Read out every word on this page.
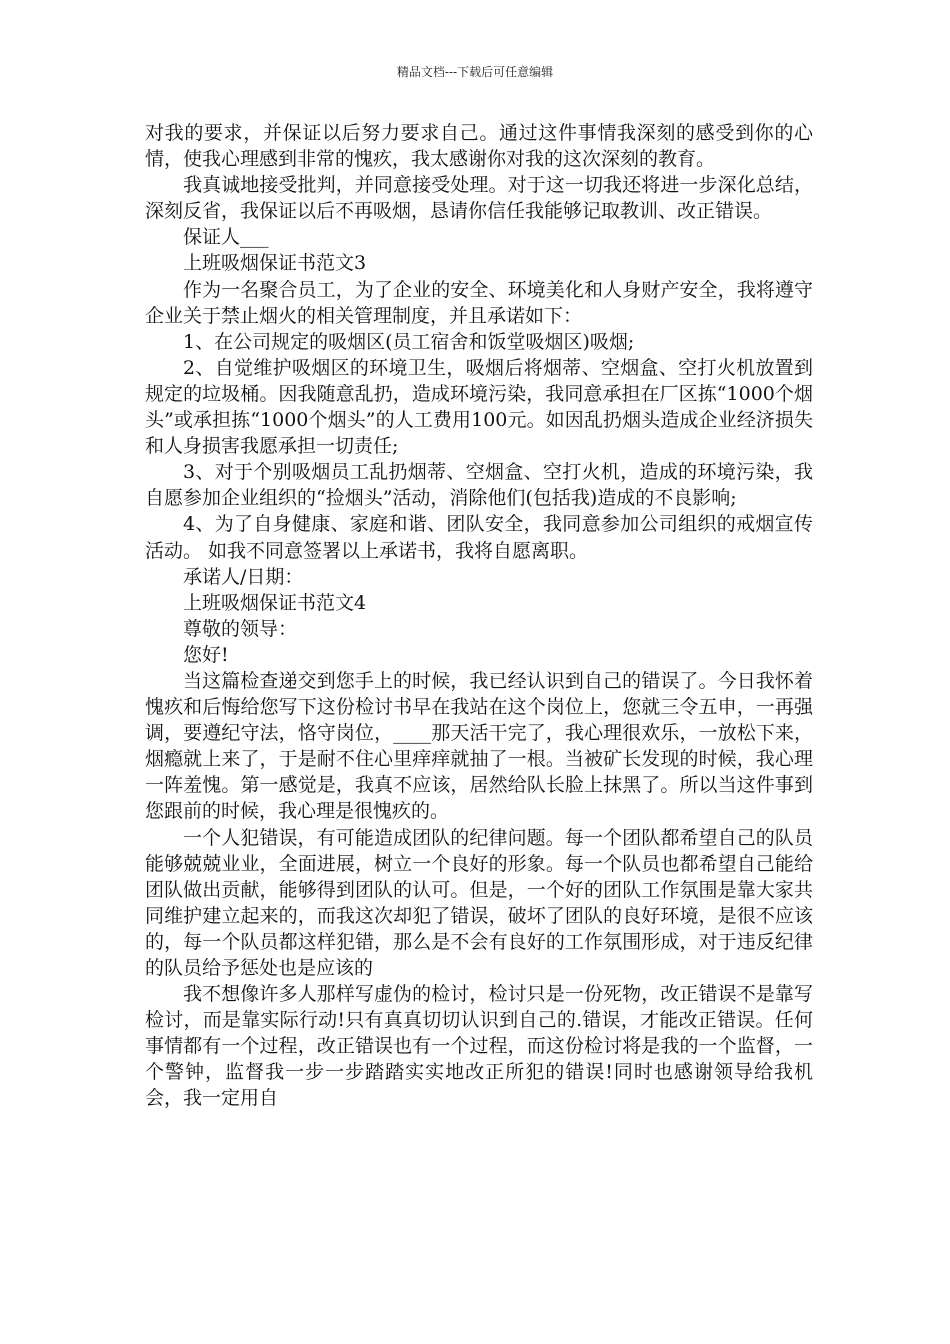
精品文档---下载后可任意编辑

对我的要求，并保证以后努力要求自己。通过这件事情我深刻的感受到你的心情，使我心理感到非常的愧疚，我太感谢你对我的这次深刻的教育。

我真诚地接受批判，并同意接受处理。对于这一切我还将进一步深化总结，深刻反省，我保证以后不再吸烟，恳请你信任我能够记取教训、改正错误。

保证人___

上班吸烟保证书范文3

作为一名聚合员工，为了企业的安全、环境美化和人身财产安全，我将遵守企业关于禁止烟火的相关管理制度，并且承诺如下：

1、在公司规定的吸烟区(员工宿舍和饭堂吸烟区)吸烟;

2、自觉维护吸烟区的环境卫生，吸烟后将烟蒂、空烟盒、空打火机放置到规定的垃圾桶。因我随意乱扔，造成环境污染，我同意承担在厂区拣“1000个烟头”或承担拣“1000个烟头”的人工费用100元。如因乱扔烟头造成企业经济损失和人身损害我愿承担一切责任;

3、对于个别吸烟员工乱扔烟蒂、空烟盒、空打火机，造成的环境污染，我自愿参加企业组织的“捡烟头”活动，消除他们(包括我)造成的不良影响;

4、为了自身健康、家庭和谐、团队安全，我同意参加公司组织的戒烟宣传活动。 如我不同意签署以上承诺书，我将自愿离职。

承诺人/日期：

上班吸烟保证书范文4

尊敬的领导：

您好!

当这篇检查递交到您手上的时候，我已经认识到自己的错误了。今日我怀着愧疚和后悔给您写下这份检讨书早在我站在这个岗位上，您就三令五申，一再强调，要遵纪守法，恪守岗位，____那天活干完了，我心理很欢乐，一放松下来，烟瘾就上来了，于是耐不住心里痒痒就抽了一根。当被矿长发现的时候，我心理一阵羞愧。第一感觉是，我真不应该，居然给队长脸上抹黑了。所以当这件事到您跟前的时候，我心理是很愧疚的。

一个人犯错误，有可能造成团队的纪律问题。每一个团队都希望自己的队员能够兢兢业业，全面进展，树立一个良好的形象。每一个队员也都希望自己能给团队做出贡献，能够得到团队的认可。但是，一个好的团队工作氛围是靠大家共同维护建立起来的，而我这次却犯了错误，破坏了团队的良好环境，是很不应该的，每一个队员都这样犯错，那么是不会有良好的工作氛围形成，对于违反纪律的队员给予惩处也是应该的

我不想像许多人那样写虚伪的检讨，检讨只是一份死物，改正错误不是靠写检讨，而是靠实际行动!只有真真切切认识到自己的.错误，才能改正错误。任何事情都有一个过程，改正错误也有一个过程，而这份检讨将是我的一个监督，一个警钟，监督我一步一步踏踏实实地改正所犯的错误!同时也感谢领导给我机会，我一定用自
